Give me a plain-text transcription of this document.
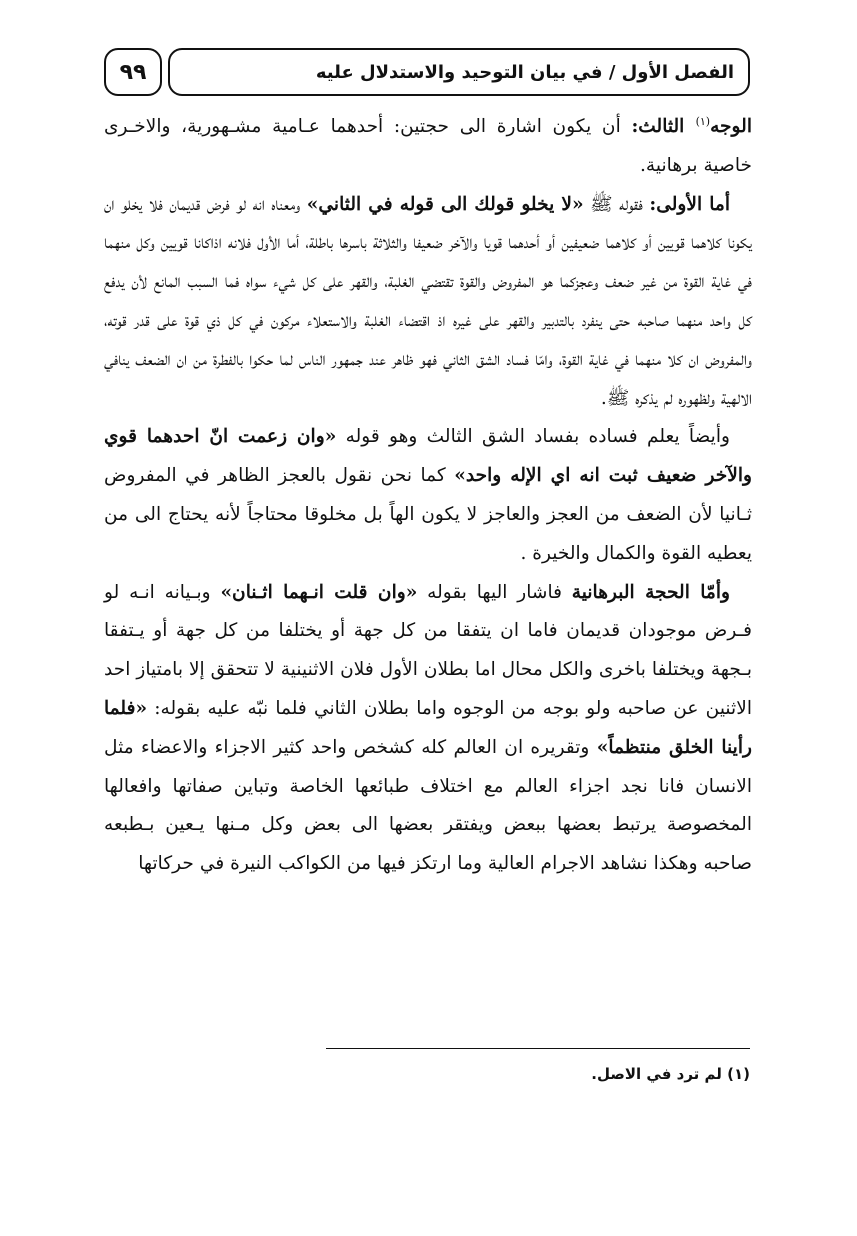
٩٩	الفصل الأول / في بيان التوحيد والاستدلال عليه

الوجه$^{(١)}$ الثالث: أن يكون اشارة الى حجتين: أحدهما عـامية مشـهورية، والاخـرى خاصية برهانية.

أما الأولى: فقوله ﷺ «لا يخلو قولك الى قوله في الثاني» ومعناه انه لو فرض قديمان فلا يخلو ان يكونا كلاهما قويين أو كلاهما ضعيفين أو أحدهما قويا والآخر ضعيفا والثلاثة باسرها باطلة، أما الأول فلانه اذاكانا قويين وكل منهما في غاية القوة من غير ضعف وعجزكما هو المفروض والقوة تقتضي الغلبة، والقهر على كل شيء سواه فما السبب المانع لأن يدفع كل واحد منهما صاحبه حتى ينفرد بالتدبير والقهر على غيره اذ اقتضاء الغلبة والاستعلاء مركون في كل ذي قوة على قدر قوته، والمفروض ان كلا منهما في غاية القوة، وامّا فساد الشق الثاني فهو ظاهر عند جمهور الناس لما حكوا بالفطرة من ان الضعف ينافي الالهية ولظهوره لم يذكره ﷺ.

وأيضاً يعلم فساده بفساد الشق الثالث وهو قوله «وان زعمت انّ احدهما قوي والآخر ضعيف ثبت انه اي الإله واحد» كما نحن نقول بالعجز الظاهر في المفروض ثـانيا لأن الضعف من العجز والعاجز لا يكون الهاً بل مخلوقا محتاجاً لأنه يحتاج الى من يعطيه القوة والكمال والخيرة .

وأمّا الحجة البرهانية فاشار اليها بقوله «وان قلت انـهما اثـنان» وبـيانه انـه لو فـرض موجودان قديمان فاما ان يتفقا من كل جهة أو يختلفا من كل جهة أو يـتفقا بـجهة ويختلفا باخرى والكل محال اما بطلان الأول فلان الاثنينية لا تتحقق إلا بامتياز احد الاثنين عن صاحبه ولو بوجه من الوجوه واما بطلان الثاني فلما نبّه عليه بقوله: «فلما رأينا الخلق منتظماً» وتقريره ان العالم كله كشخص واحد كثير الاجزاء والاعضاء مثل الانسان فانا نجد اجزاء العالم مع اختلاف طبائعها الخاصة وتباين صفاتها وافعالها المخصوصة يرتبط بعضها ببعض ويفتقر بعضها الى بعض وكل مـنها يـعين بـطبعه صاحبه وهكذا نشاهد الاجرام العالية وما ارتكز فيها من الكواكب النيرة في حركاتها

(١) لم ترد في الاصل.
